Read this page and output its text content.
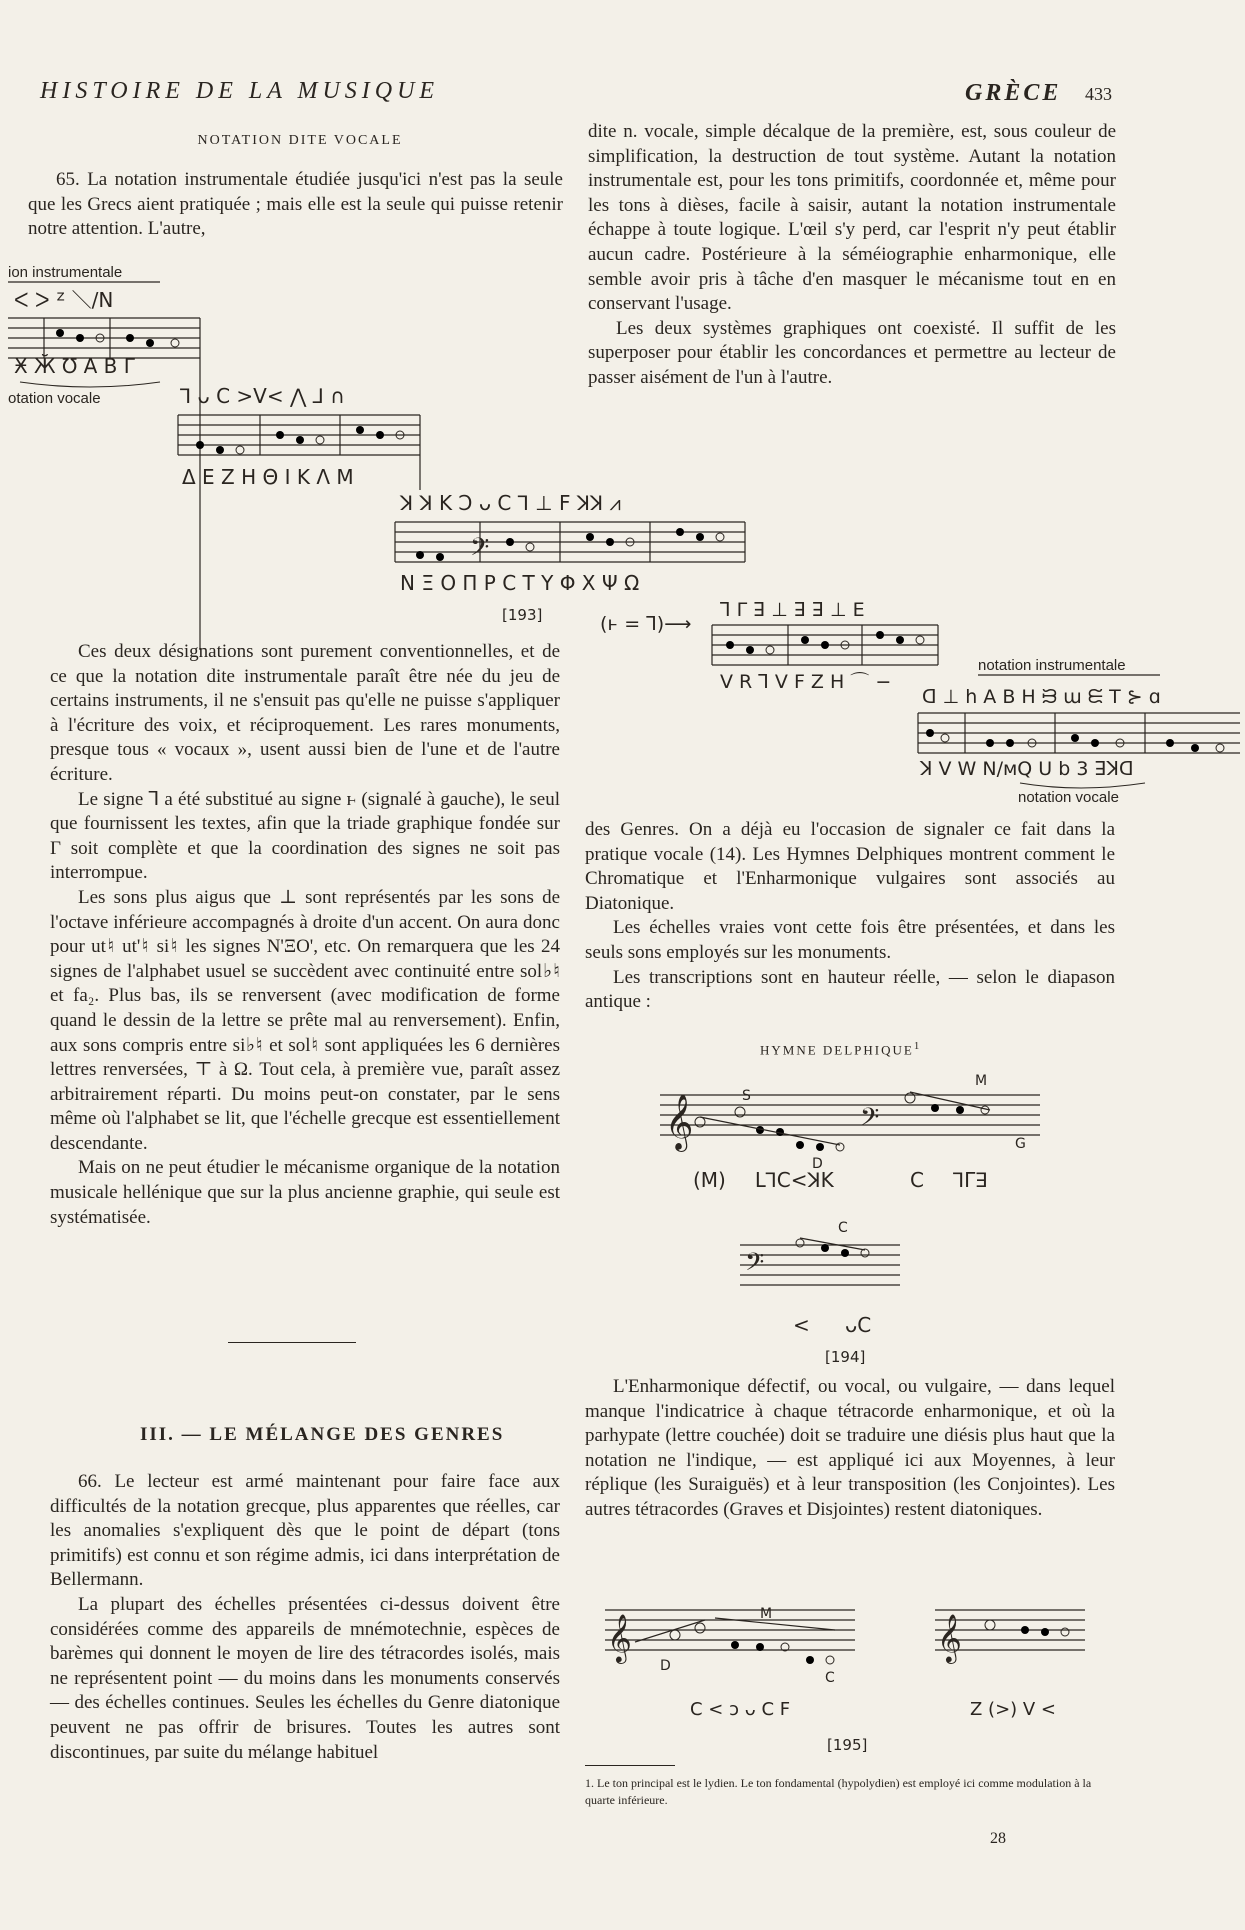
HISTOIRE DE LA MUSIQUE	GRÈCE 433
NOTATION DITE VOCALE

65. La notation instrumentale étudiée jusqu'ici n'est pas la seule que les Grecs aient pratiquée ; mais elle est la seule qui puisse retenir notre attention. L'autre,

ion instrumentale
ᐸ ᐳ ᙆ ＼/N
Ӿ Ӂ Ʊ A B Γ
otation vocale	ꓶ ᴗ C >V< ⋀ ⅃ ∩
Δ E Z H Θ I K Λ M
ꓘ ꓘ K Ↄ ᴗ C ꓶ ⊥ F ꓘꓘ ⩘
𝄢
N Ξ O Π P C T Y Φ X Ψ Ω
[193]

Ces deux désignations sont purement conventionnelles, et de ce que la notation dite instrumentale paraît être née du jeu de certains instruments, il ne s'ensuit pas qu'elle ne puisse s'appliquer à l'écriture des voix, et réciproquement. Les rares monuments, presque tous « vocaux », usent aussi bien de l'une et de l'autre écriture.

Le signe ꓶ a été substitué au signe ⱶ (signalé à gauche), le seul que fournissent les textes, afin que la triade graphique fondée sur Γ soit complète et que la coordination des signes ne soit pas interrompue.

Les sons plus aigus que ⊥ sont représentés par les sons de l'octave inférieure accompagnés à droite d'un accent. On aura donc pour ut♮ ut'♮ si♮ les signes N'ΞO', etc. On remarquera que les 24 signes de l'alphabet usuel se succèdent avec continuité entre sol♭♮ et fa₂. Plus bas, ils se renversent (avec modification de forme quand le dessin de la lettre se prête mal au renversement). Enfin, aux sons compris entre si♭♮ et sol♮ sont appliquées les 6 dernières lettres renversées, ⊤ à Ω. Tout cela, à première vue, paraît assez arbitrairement réparti. Du moins peut-on constater, par le sens même où l'alphabet se lit, que l'échelle grecque est essentiellement descendante.

Mais on ne peut étudier le mécanisme organique de la notation musicale hellénique que sur la plus ancienne graphie, qui seule est systématisée.

III. — LE MÉLANGE DES GENRES

66. Le lecteur est armé maintenant pour faire face aux difficultés de la notation grecque, plus apparentes que réelles, car les anomalies s'expliquent dès que le point de départ (tons primitifs) est connu et son régime admis, ici dans interprétation de Bellermann.

La plupart des échelles présentées ci-dessus doivent être considérées comme des appareils de mnémotechnie, espèces de barèmes qui donnent le moyen de lire des tétracordes isolés, mais ne représentent point — du moins dans les monuments conservés — des échelles continues. Seules les échelles du Genre diatonique peuvent ne pas offrir de brisures. Toutes les autres sont discontinues, par suite du mélange habituel

dite n. vocale, simple décalque de la première, est, sous couleur de simplification, la destruction de tout système. Autant la notation instrumentale est, pour les tons primitifs, coordonnée et, même pour les tons à dièses, facile à saisir, autant la notation instrumentale échappe à toute logique. L'œil s'y perd, car l'esprit n'y peut établir aucun cadre. Postérieure à la séméiographie enharmonique, elle semble avoir pris à tâche d'en masquer le mécanisme tout en en conservant l'usage.

Les deux systèmes graphiques ont coexisté. Il suffit de les superposer pour établir les concordances et permettre au lecteur de passer aisément de l'un à l'autre.

(ⱶ = ꓶ)⟶
ꓶ Γ ꓱ ⊥ ꓱ ꓱ ⊥ E
V R ꓶ V F Z H ⌒ −
notation instrumentale
ꓷ ⊥ h A B H ᙣ ɯ ᙓ T ⊱ ɑ
ꓘ V W N/ᴍQ U b 3 ꓱꓘꓷ
notation vocale

des Genres. On a déjà eu l'occasion de signaler ce fait dans la pratique vocale (14). Les Hymnes Delphiques montrent comment le Chromatique et l'Enharmonique vulgaires sont associés au Diatonique.

Les échelles vraies vont cette fois être présentées, et dans les seuls sons employés sur les monuments.

Les transcriptions sont en hauteur réelle, — selon le diapason antique :

HYMNE DELPHIQUE$^1$
𝄞	𝄢
S
M
D
G
(M) ԼꓶC<ꓘK	C ꓶΓꓱ
𝄢
C
< ᴗC
[194]

L'Enharmonique défectif, ou vocal, ou vulgaire, — dans lequel manque l'indicatrice à chaque tétracorde enharmonique, et où la parhypate (lettre couchée) doit se traduire une diésis plus haut que la notation ne l'indique, — est appliqué ici aux Moyennes, à leur réplique (les Suraiguës) et à leur transposition (les Conjointes). Les autres tétracordes (Graves et Disjointes) restent diatoniques.

𝄞	M
D
C
𝄞
C < ↄ ᴗ C F	Z (>) V <
[195]
1. Le ton principal est le lydien. Le ton fondamental (hypolydien) est employé ici comme modulation à la quarte inférieure.
28
